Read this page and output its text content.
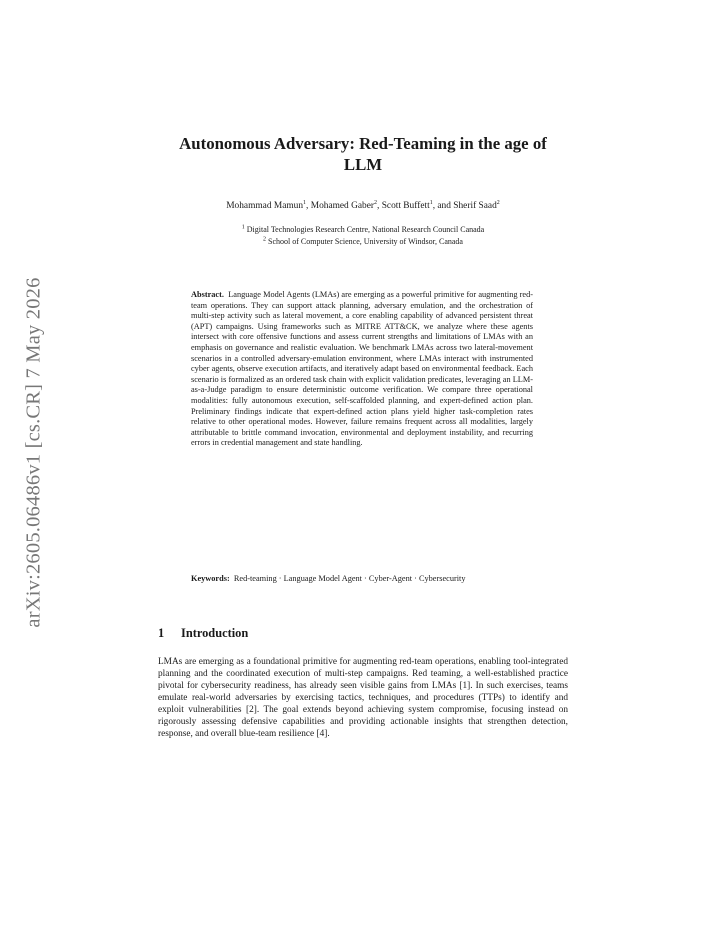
arXiv:2605.06486v1 [cs.CR] 7 May 2026
Autonomous Adversary: Red-Teaming in the age of LLM
Mohammad Mamun$^1$, Mohamed Gaber$^2$, Scott Buffett$^1$, and Sherif Saad$^2$
$^1$ Digital Technologies Research Centre, National Research Council Canada
$^2$ School of Computer Science, University of Windsor, Canada

Abstract. Language Model Agents (LMAs) are emerging as a powerful primitive for augmenting red-team operations. They can support attack planning, adversary emulation, and the orchestration of multi-step activity such as lateral movement, a core enabling capability of advanced persistent threat (APT) campaigns. Using frameworks such as MITRE ATT&CK, we analyze where these agents intersect with core offensive functions and assess current strengths and limitations of LMAs with an emphasis on governance and realistic evaluation. We benchmark LMAs across two lateral-movement scenarios in a controlled adversary-emulation environment, where LMAs interact with instrumented cyber agents, observe execution artifacts, and iteratively adapt based on environmental feedback. Each scenario is formalized as an ordered task chain with explicit validation predicates, leveraging an LLM-as-a-Judge paradigm to ensure deterministic outcome verification. We compare three operational modalities: fully autonomous execution, self-scaffolded planning, and expert-defined action plan. Preliminary findings indicate that expert-defined action plans yield higher task-completion rates relative to other operational modes. However, failure remains frequent across all modalities, largely attributable to brittle command invocation, environmental and deployment instability, and recurring errors in credential management and state handling.

Keywords: Red-teaming · Language Model Agent · Cyber-Agent · Cybersecurity

1 Introduction

LMAs are emerging as a foundational primitive for augmenting red-team operations, enabling tool-integrated planning and the coordinated execution of multi-step campaigns. Red teaming, a well-established practice pivotal for cybersecurity readiness, has already seen visible gains from LMAs [1]. In such exercises, teams emulate real-world adversaries by exercising tactics, techniques, and procedures (TTPs) to identify and exploit vulnerabilities [2]. The goal extends beyond achieving system compromise, focusing instead on rigorously assessing defensive capabilities and providing actionable insights that strengthen detection, response, and overall blue-team resilience [4].
